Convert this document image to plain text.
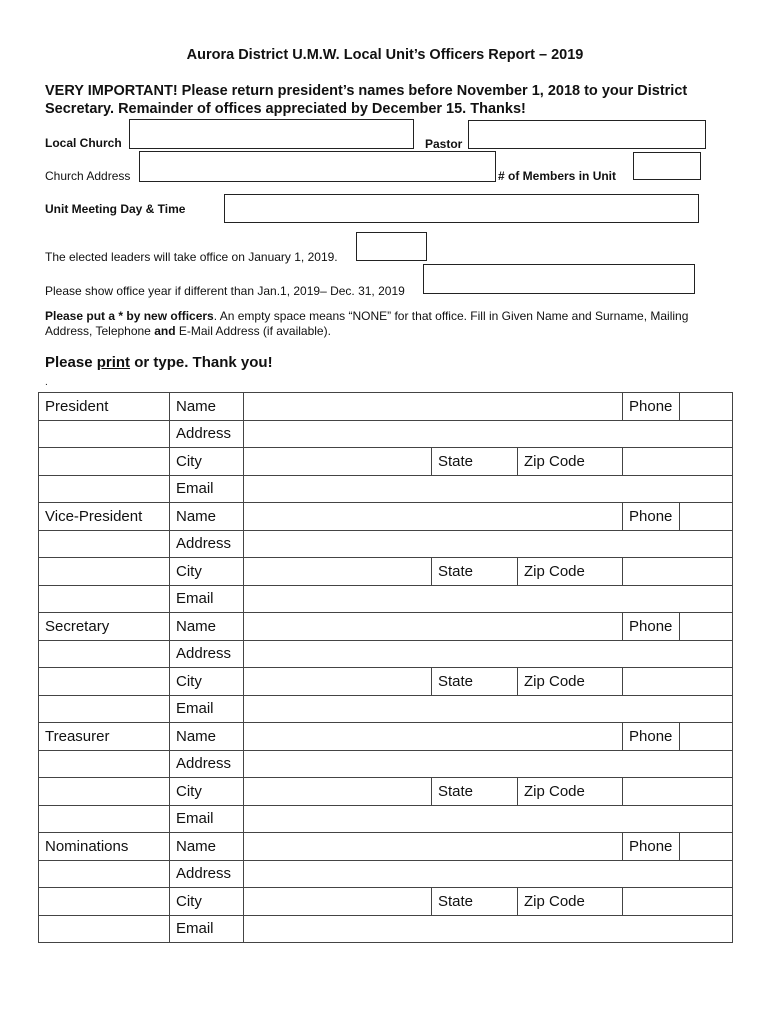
Aurora District U.M.W. Local Unit’s Officers Report – 2019
VERY IMPORTANT! Please return president’s names before November 1, 2018 to your District Secretary. Remainder of offices appreciated by December 15. Thanks!
Local Church	Pastor
Church Address	# of Members in Unit
Unit Meeting Day & Time
The elected leaders will take office on January 1, 2019.
Please show office year if different than Jan.1, 2019– Dec. 31, 2019
Please put a * by new officers. An empty space means “NONE” for that office. Fill in Given Name and Surname, Mailing Address, Telephone and E-Mail Address (if available).
Please print or type. Thank you!
.
President	Name				Phone

	Address				
	City		State	Zip Code	
	Email				
Vice-President	Name				Phone

	Address				
	City		State	Zip Code	
	Email				
Secretary	Name				Phone

	Address				
	City		State	Zip Code	
	Email				
Treasurer	Name				Phone

	Address				
	City		State	Zip Code	
	Email				
Nominations	Name				Phone

	Address				
	City		State	Zip Code	
	Email				
